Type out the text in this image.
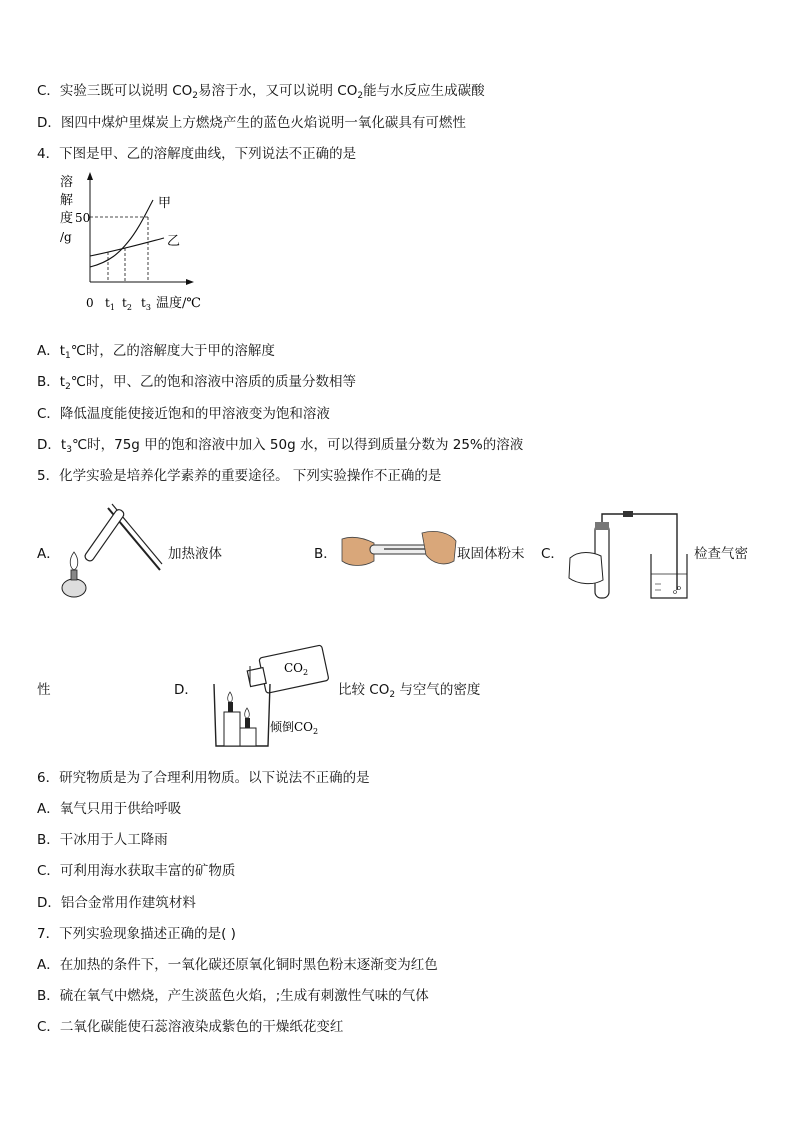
C．实验三既可以说明 $CO_2$易溶于水，又可以说明 $CO_2$能与水反应生成碳酸
D．图四中煤炉里煤炭上方燃烧产生的蓝色火焰说明一氧化碳具有可燃性
4．下图是甲、乙的溶解度曲线，下列说法不正确的是
溶
解
度
/g
50
甲
乙
0 $t_1$ $t_2$ $t_3$ 温度/℃
A．$t_1℃$时，乙的溶解度大于甲的溶解度
B．$t_2℃$时，甲、乙的饱和溶液中溶质的质量分数相等
C．降低温度能使接近饱和的甲溶液变为饱和溶液
D．$t_3℃$时，75g 甲的饱和溶液中加入 50g 水，可以得到质量分数为 25%的溶液
5．化学实验是培养化学素养的重要途径。 下列实验操作不正确的是
A．	加热液体	B．	取固体粉末 C．	检查气密
性	D．
$CO_2$
倾倒$CO_2$
比较 $CO_2$ 与空气的密度
6．研究物质是为了合理利用物质。以下说法不正确的是
A．氧气只用于供给呼吸
B．干冰用于人工降雨
C．可利用海水获取丰富的矿物质
D．铝合金常用作建筑材料
7．下列实验现象描述正确的是( )
A．在加热的条件下，一氧化碳还原氧化铜时黑色粉末逐渐变为红色
B．硫在氧气中燃烧，产生淡蓝色火焰，;生成有刺激性气味的气体
C．二氧化碳能使石蕊溶液染成紫色的干燥纸花变红
